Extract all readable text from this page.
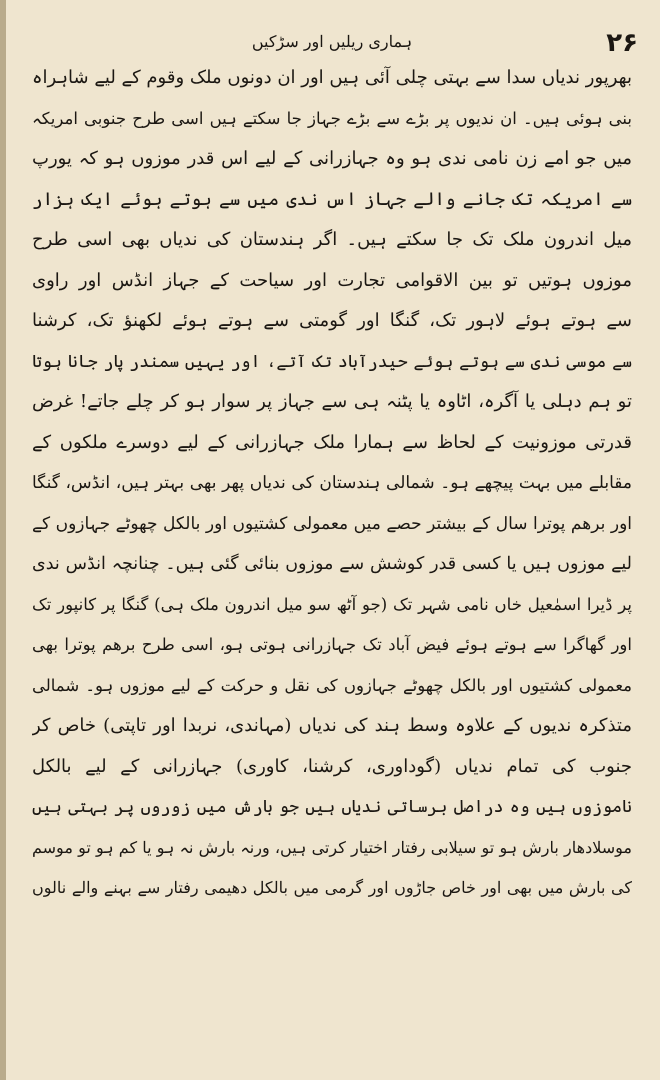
ہماری ریلیں اور سڑکیں	۲۶
بھرپور ندیاں سدا سے بہتی چلی آئی ہیں اور ان دونوں ملک وقوم کے لیے شاہراہ
بنی ہوئی ہیں۔ ان ندیوں پر بڑے سے بڑے جہاز جا سکتے ہیں اسی طرح جنوبی امریکہ
میں جو امے زن نامی ندی ہو وہ جہازرانی کے لیے اس قدر موزوں ہو کہ یورپ
سے امریکہ تک جانے والے جہاز اس ندی میں سے ہوتے ہوئے ایک ہزار
میل اندرون ملک تک جا سکتے ہیں۔ اگر ہندستان کی ندیاں بھی اسی طرح
موزوں ہوتیں تو بین الاقوامی تجارت اور سیاحت کے جہاز انڈس اور راوی
سے ہوتے ہوئے لاہور تک، گنگا اور گومتی سے ہوتے ہوئے لکھنؤ تک، کرشنا
سے موسی ندی سے ہوتے ہوئے حیدرآباد تک آتے، اور یہیں سمندر پار جانا ہوتا
تو ہم دہلی یا آگرہ، اٹاوہ یا پٹنہ ہی سے جہاز پر سوار ہو کر چلے جاتے! غرض
قدرتی موزونیت کے لحاظ سے ہمارا ملک جہازرانی کے لیے دوسرے ملکوں کے
مقابلے میں بہت پیچھے ہو۔ شمالی ہندستان کی ندیاں پھر بھی بہتر ہیں، انڈس، گنگا
اور برھم پوترا سال کے بیشتر حصے میں معمولی کشتیوں اور بالکل چھوٹے جہازوں کے
لیے موزوں ہیں یا کسی قدر کوشش سے موزوں بنائی گئی ہیں۔ چنانچہ انڈس ندی
پر ڈیرا اسمٰعیل خاں نامی شہر تک (جو آٹھ سو میل اندرون ملک ہی) گنگا پر کانپور تک
اور گھاگرا سے ہوتے ہوئے فیض آباد تک جہازرانی ہوتی ہو، اسی طرح برھم پوترا بھی
معمولی کشتیوں اور بالکل چھوٹے جہازوں کی نقل و حرکت کے لیے موزوں ہو۔ شمالی
متذکرہ ندیوں کے علاوہ وسط ہند کی ندیاں (مہاندی، نربدا اور تاپتی) خاص کر
جنوب کی تمام ندیاں (گوداوری، کرشنا، کاوری) جہازرانی کے لیے بالکل
ناموزوں ہیں وہ دراصل برساتی ندیاں ہیں جو بارش میں زوروں پر بہتی ہیں
موسلادھار بارش ہو تو سیلابی رفتار اختیار کرتی ہیں، ورنہ بارش نہ ہو یا کم ہو تو موسم
کی بارش میں بھی اور خاص جاڑوں اور گرمی میں بالکل دھیمی رفتار سے بہنے والے نالوں
